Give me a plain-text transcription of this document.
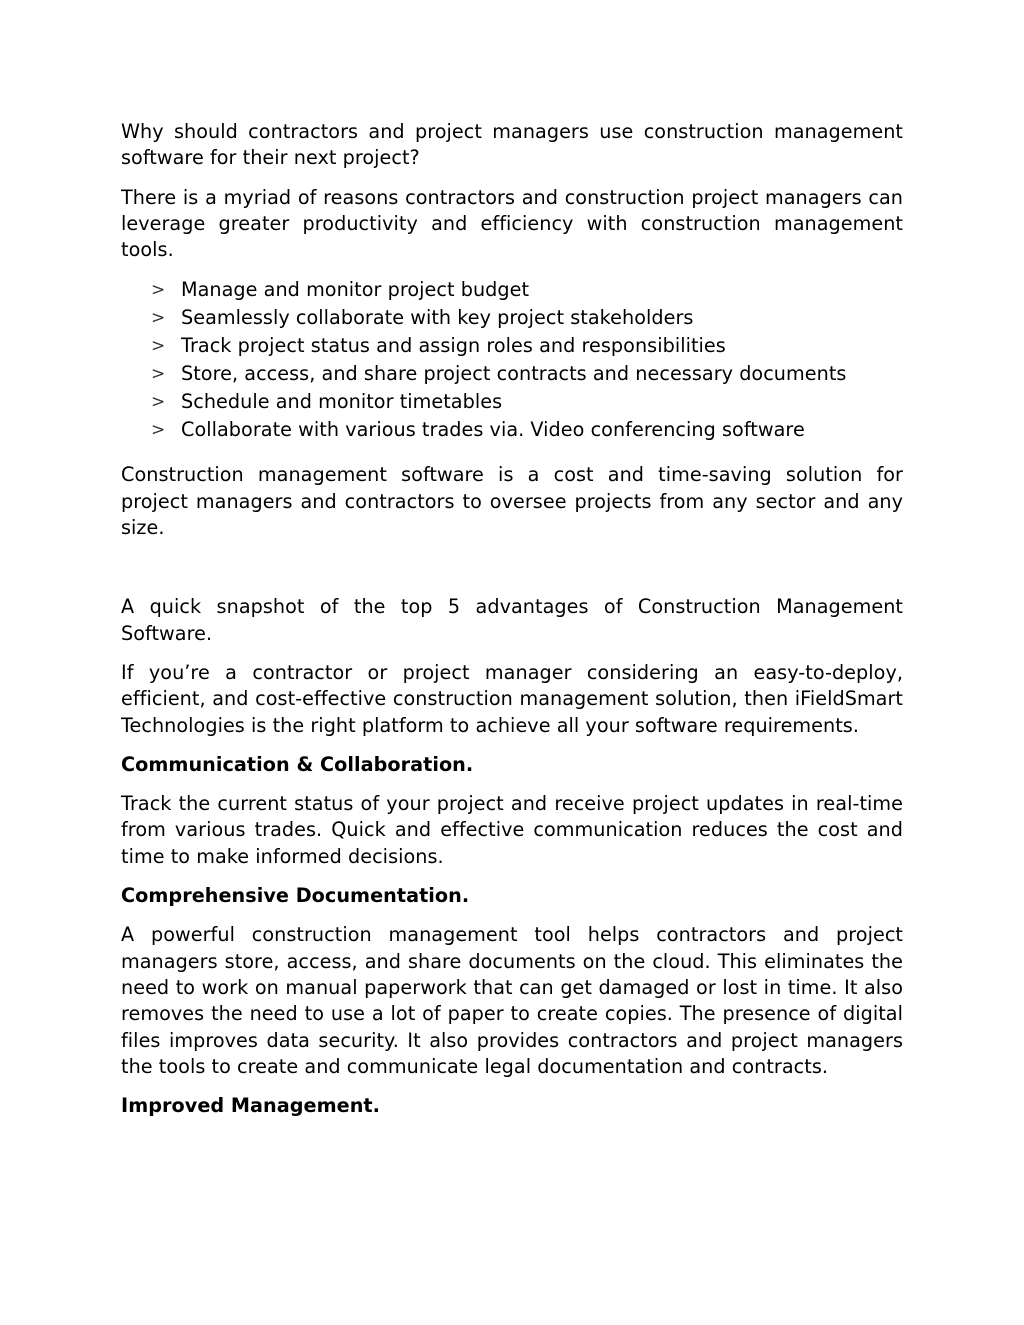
Why should contractors and project managers use construction management software for their next project?

There is a myriad of reasons contractors and construction project managers can leverage greater productivity and efficiency with construction management tools.

> Manage and monitor project budget
> Seamlessly collaborate with key project stakeholders
> Track project status and assign roles and responsibilities
> Store, access, and share project contracts and necessary documents
> Schedule and monitor timetables
> Collaborate with various trades via. Video conferencing software

Construction management software is a cost and time-saving solution for project managers and contractors to oversee projects from any sector and any size.

A quick snapshot of the top 5 advantages of Construction Management Software.

If you’re a contractor or project manager considering an easy-to-deploy, efficient, and cost-effective construction management solution, then iFieldSmart Technologies is the right platform to achieve all your software requirements.

Communication & Collaboration.

Track the current status of your project and receive project updates in real-time from various trades. Quick and effective communication reduces the cost and time to make informed decisions.

Comprehensive Documentation.

A powerful construction management tool helps contractors and project managers store, access, and share documents on the cloud. This eliminates the need to work on manual paperwork that can get damaged or lost in time. It also removes the need to use a lot of paper to create copies. The presence of digital files improves data security. It also provides contractors and project managers the tools to create and communicate legal documentation and contracts.

Improved Management.
